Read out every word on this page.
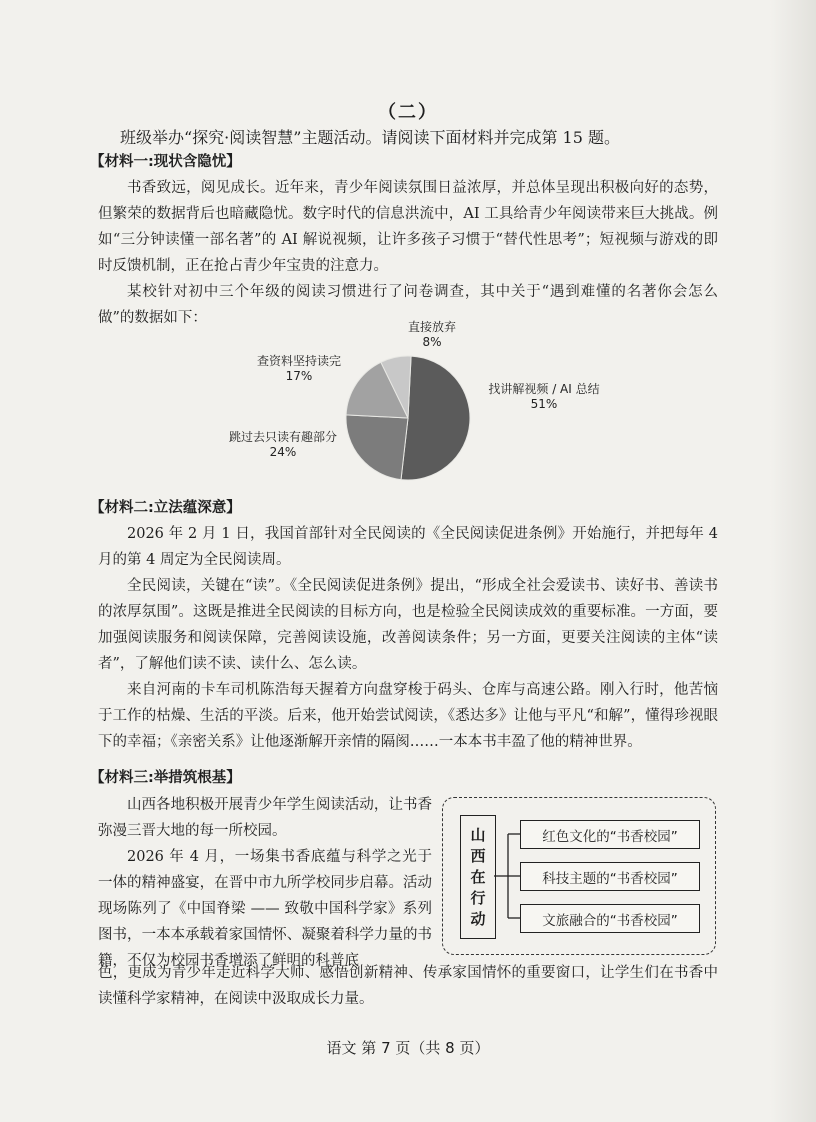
（二）
班级举办“探究·阅读智慧”主题活动。请阅读下面材料并完成第 15 题。
【材料一:现状含隐忧】

书香致远，阅见成长。近年来，青少年阅读氛围日益浓厚，并总体呈现出积极向好的态势，但繁荣的数据背后也暗藏隐忧。数字时代的信息洪流中，AI 工具给青少年阅读带来巨大挑战。例如“三分钟读懂一部名著”的 AI 解说视频，让许多孩子习惯于“替代性思考”；短视频与游戏的即时反馈机制，正在抢占青少年宝贵的注意力。

某校针对初中三个年级的阅读习惯进行了问卷调查，其中关于“遇到难懂的名著你会怎么做”的数据如下：

直接放弃
8%
查资料坚持读完
17%
找讲解视频 / AI 总结
51%
跳过去只读有趣部分
24%
【材料二:立法蕴深意】

2026 年 2 月 1 日，我国首部针对全民阅读的《全民阅读促进条例》开始施行，并把每年 4 月的第 4 周定为全民阅读周。

全民阅读，关键在“读”。《全民阅读促进条例》提出，“形成全社会爱读书、读好书、善读书的浓厚氛围”。这既是推进全民阅读的目标方向，也是检验全民阅读成效的重要标准。一方面，要加强阅读服务和阅读保障，完善阅读设施，改善阅读条件；另一方面，更要关注阅读的主体“读者”，了解他们读不读、读什么、怎么读。

来自河南的卡车司机陈浩每天握着方向盘穿梭于码头、仓库与高速公路。刚入行时，他苦恼于工作的枯燥、生活的平淡。后来，他开始尝试阅读，《悉达多》让他与平凡“和解”，懂得珍视眼下的幸福；《亲密关系》让他逐渐解开亲情的隔阂……一本本书丰盈了他的精神世界。

【材料三:举措筑根基】

山西各地积极开展青少年学生阅读活动，让书香弥漫三晋大地的每一所校园。

2026 年 4 月，一场集书香底蕴与科学之光于一体的精神盛宴，在晋中市九所学校同步启幕。活动现场陈列了《中国脊梁 —— 致敬中国科学家》系列图书，一本本承载着家国情怀、凝聚着科学力量的书籍，不仅为校园书香增添了鲜明的科普底

色，更成为青少年走近科学大师、感悟创新精神、传承家国情怀的重要窗口，让学生们在书香中读懂科学家精神，在阅读中汲取成长力量。

山
西
在
行
动
红色文化的“书香校园”
科技主题的“书香校园”
文旅融合的“书香校园”
语文 第 7 页（共 8 页）
